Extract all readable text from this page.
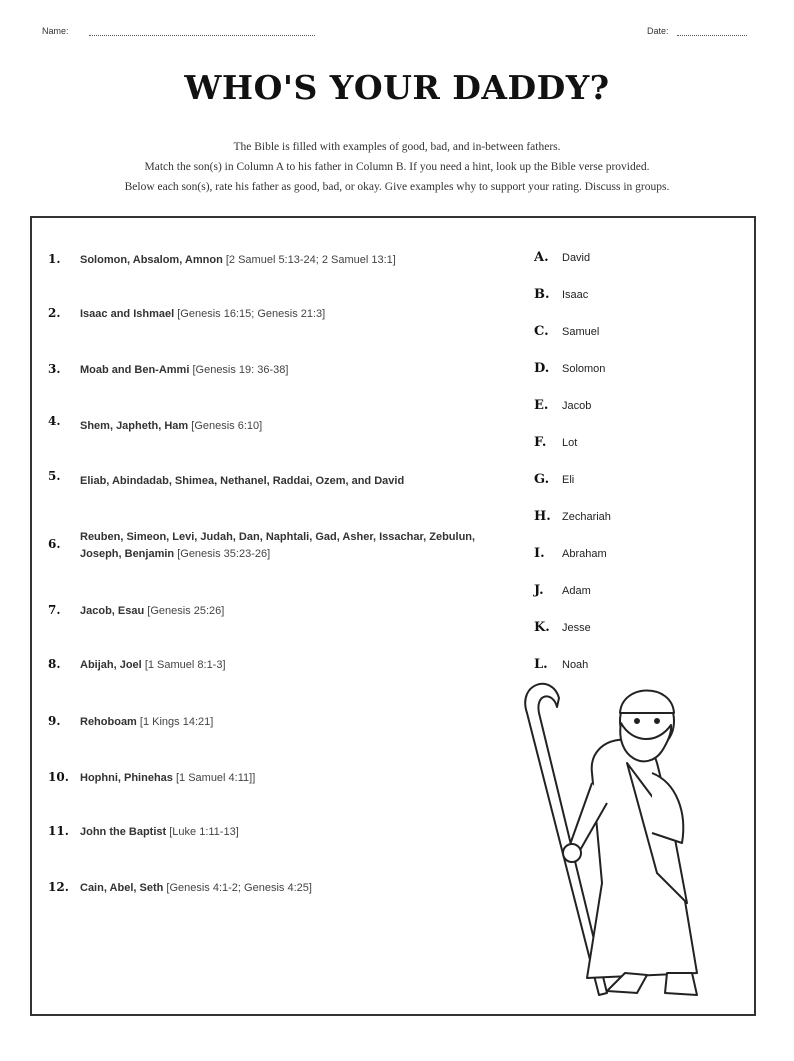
Name:	Date:
WHO'S YOUR DADDY?
The Bible is filled with examples of good, bad, and in-between fathers.
Match the son(s) in Column A to his father in Column B. If you need a hint, look up the Bible verse provided.
Below each son(s), rate his father as good, bad, or okay. Give examples why to support your rating. Discuss in groups.
1.	Solomon, Absalom, Amnon [2 Samuel 5:13-24; 2 Samuel 13:1]
2.	Isaac and Ishmael [Genesis 16:15; Genesis 21:3]
3.	Moab and Ben-Ammi [Genesis 19: 36-38]
4.	Shem, Japheth, Ham [Genesis 6:10]
5.	Eliab, Abindadab, Shimea, Nethanel, Raddai, Ozem, and David
6.	Reuben, Simeon, Levi, Judah, Dan, Naphtali, Gad, Asher, Issachar, Zebulun, Joseph, Benjamin [Genesis 35:23-26]
7.	Jacob, Esau [Genesis 25:26]
8.	Abijah, Joel [1 Samuel 8:1-3]
9.	Rehoboam [1 Kings 14:21]
10.	Hophni, Phinehas [1 Samuel 4:11]]
11.	John the Baptist [Luke 1:11-13]
12.	Cain, Abel, Seth [Genesis 4:1-2; Genesis 4:25]
A. David
B. Isaac
C. Samuel
D. Solomon
E. Jacob
F. Lot
G. Eli
H. Zechariah
I. Abraham
J. Adam
K. Jesse
L. Noah
